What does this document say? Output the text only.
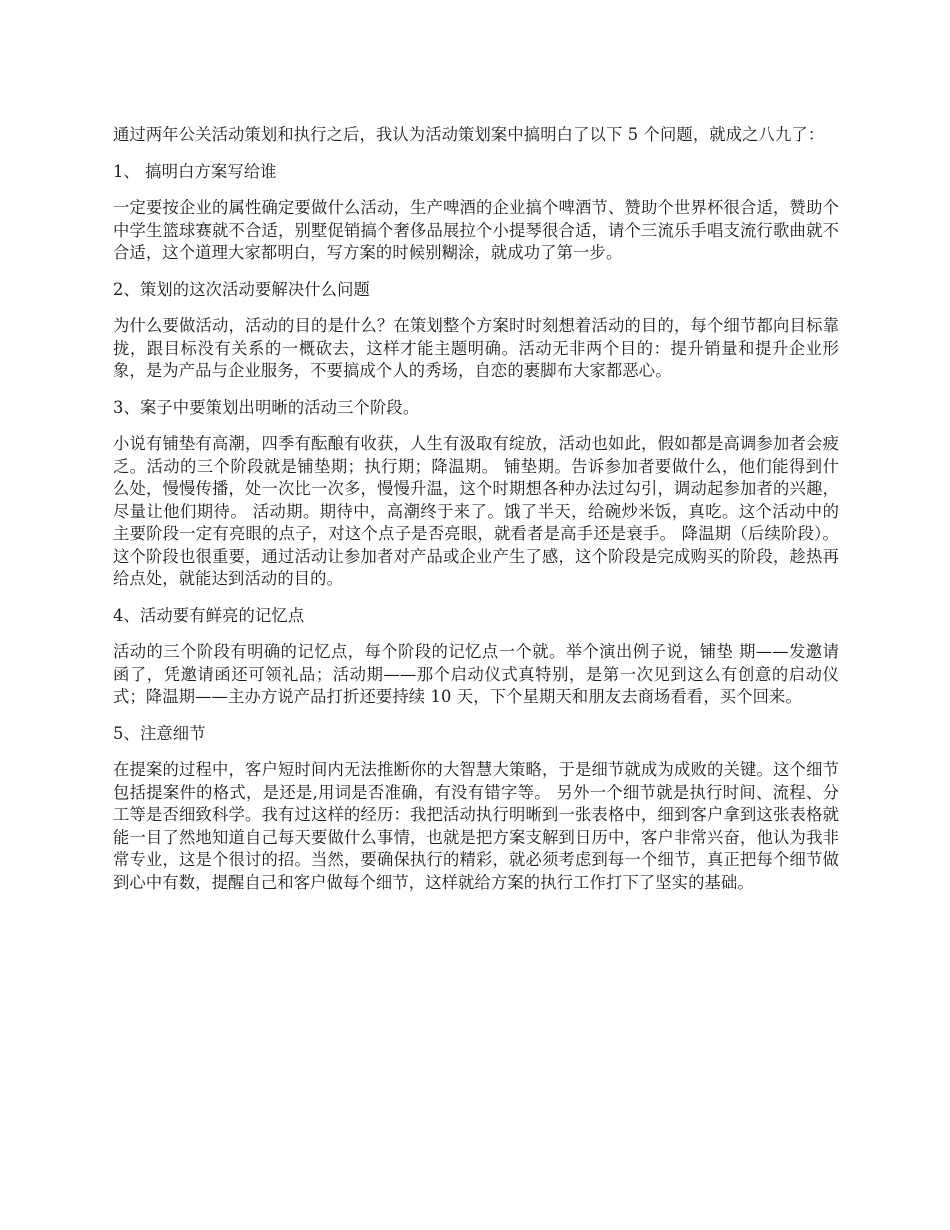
通过两年公关活动策划和执行之后，我认为活动策划案中搞明白了以下 5 个问题，就成之八九了：

1、 搞明白方案写给谁

一定要按企业的属性确定要做什么活动，生产啤酒的企业搞个啤酒节、赞助个世界杯很合适，赞助个中学生篮球赛就不合适，别墅促销搞个奢侈品展拉个小提琴很合适，请个三流乐手唱支流行歌曲就不合适，这个道理大家都明白，写方案的时候别糊涂，就成功了第一步。

2、策划的这次活动要解决什么问题

为什么要做活动，活动的目的是什么？在策划整个方案时时刻想着活动的目的，每个细节都向目标靠拢，跟目标没有关系的一概砍去，这样才能主题明确。活动无非两个目的：提升销量和提升企业形象，是为产品与企业服务，不要搞成个人的秀场，自恋的裹脚布大家都恶心。

3、案子中要策划出明晰的活动三个阶段。

小说有铺垫有高潮，四季有酝酿有收获，人生有汲取有绽放，活动也如此，假如都是高调参加者会疲乏。活动的三个阶段就是铺垫期；执行期；降温期。 铺垫期。告诉参加者要做什么，他们能得到什么处，慢慢传播，处一次比一次多，慢慢升温，这个时期想各种办法过勾引，调动起参加者的兴趣，尽量让他们期待。 活动期。期待中，高潮终于来了。饿了半天，给碗炒米饭，真吃。这个活动中的主要阶段一定有亮眼的点子，对这个点子是否亮眼，就看者是高手还是衰手。 降温期（后续阶段）。这个阶段也很重要，通过活动让参加者对产品或企业产生了感，这个阶段是完成购买的阶段，趁热再给点处，就能达到活动的目的。

4、活动要有鲜亮的记忆点

活动的三个阶段有明确的记忆点，每个阶段的记忆点一个就。举个演出例子说，铺垫 期——发邀请函了，凭邀请函还可领礼品；活动期——那个启动仪式真特别，是第一次见到这么有创意的启动仪式；降温期——主办方说产品打折还要持续 10 天，下个星期天和朋友去商场看看，买个回来。

5、注意细节

在提案的过程中，客户短时间内无法推断你的大智慧大策略，于是细节就成为成败的关键。这个细节包括提案件的格式，是还是,用词是否准确，有没有错字等。 另外一个细节就是执行时间、流程、分工等是否细致科学。我有过这样的经历：我把活动执行明晰到一张表格中，细到客户拿到这张表格就能一目了然地知道自己每天要做什么事情，也就是把方案支解到日历中，客户非常兴奋，他认为我非常专业，这是个很讨的招。当然，要确保执行的精彩，就必须考虑到每一个细节，真正把每个细节做到心中有数，提醒自己和客户做每个细节，这样就给方案的执行工作打下了坚实的基础。
